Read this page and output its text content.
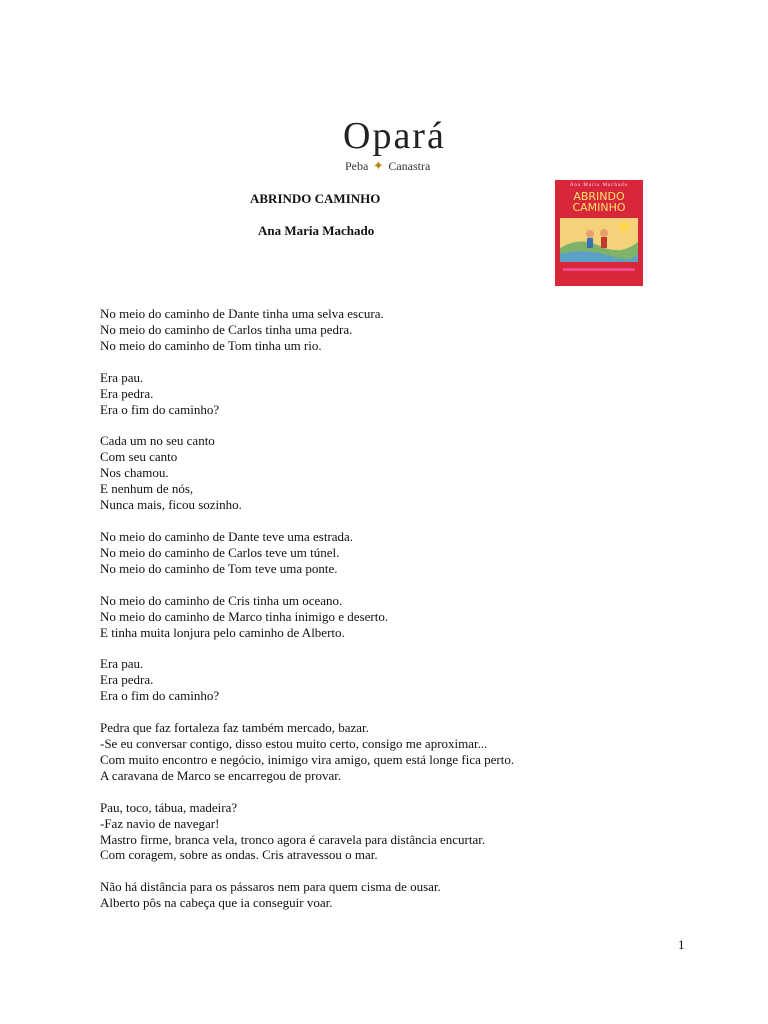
Opará
Peba ✦ Canastra
ABRINDO CAMINHO
Ana Maria Machado
Ana Maria Machado
ABRINDO
CAMINHO
No meio do caminho de Dante tinha uma selva escura.
No meio do caminho de Carlos tinha uma pedra.
No meio do caminho de Tom tinha um rio.
Era pau.
Era pedra.
Era o fim do caminho?
Cada um no seu canto
Com seu canto
Nos chamou.
E nenhum de nós,
Nunca mais, ficou sozinho.
No meio do caminho de Dante teve uma estrada.
No meio do caminho de Carlos teve um túnel.
No meio do caminho de Tom teve uma ponte.
No meio do caminho de Cris tinha um oceano.
No meio do caminho de Marco tinha inimigo e deserto.
E tinha muita lonjura pelo caminho de Alberto.
Era pau.
Era pedra.
Era o fim do caminho?
Pedra que faz fortaleza faz também mercado, bazar.
-Se eu conversar contigo, disso estou muito certo, consigo me aproximar...
Com muito encontro e negócio, inimigo vira amigo, quem está longe fica perto.
A caravana de Marco se encarregou de provar.
Pau, toco, tábua, madeira?
-Faz navio de navegar!
Mastro firme, branca vela, tronco agora é caravela para distância encurtar.
Com coragem, sobre as ondas. Cris atravessou o mar.
Não há distância para os pássaros nem para quem cisma de ousar.
Alberto pôs na cabeça que ia conseguir voar.
1
